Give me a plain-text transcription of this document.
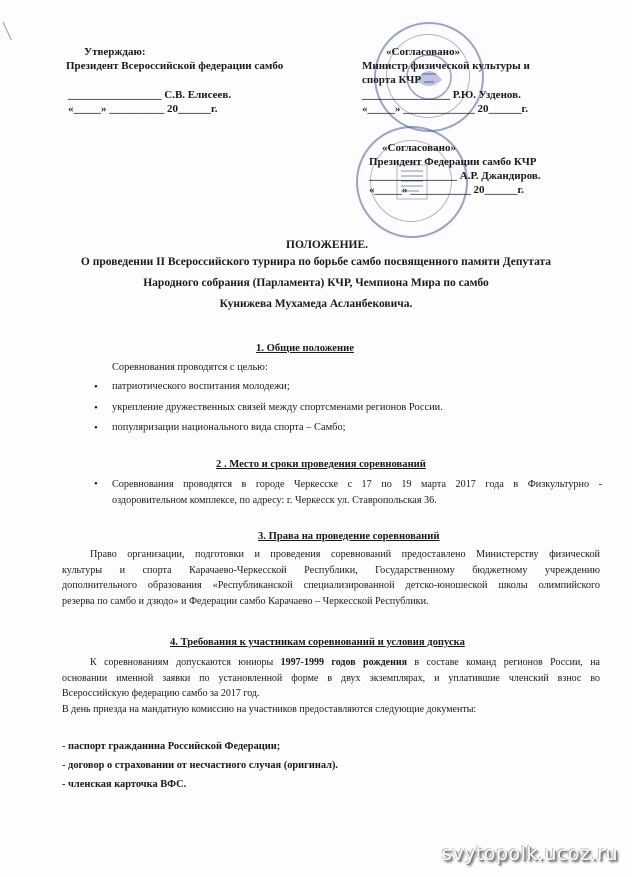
Утверждаю:
Президент Всероссийской федерации самбо
_________________ С.В. Елисеев.
«_____» __________ 20______г.
«Согласовано»
Министр физической культуры и
спорта КЧР
________________ Р.Ю. Узденов.
«_____» _____________ 20______г.
«Согласовано»
Президент Федерации самбо КЧР
________________ А.Р. Джандиров.
«_____» ___________ 20______г.
ПОЛОЖЕНИЕ.
О проведении II Всероссийского турнира по борьбе самбо посвященного памяти Депутата
Народного собрания (Парламента) КЧР, Чемпиона Мира по самбо
Кунижева Мухамеда Асланбековича.
1. Общие положение
Соревнования проводятся с целью:
• патриотического воспитания молодежи;
• укрепление дружественных связей между спортсменами регионов России.
• популяризации национального вида спорта – Самбо;
2 . Место и сроки проведения соревнований
• Соревнования проводятся в городе Черкесске с 17 по 19 марта 2017 года в Физкультурно -
оздоровительном комплексе, по адресу: г. Черкесск ул. Ставропольская 36.
3. Права на проведение соревнований
Право организации, подготовки и проведения соревнований предоставлено Министерству физической
культуры и спорта Карачаево-Черкесской Республики, Государственному бюджетному учреждению
дополнительного образования «Республиканской специализированной детско-юношеской школы олимпийского
резерва по самбо и дзюдо» и Федерации самбо Карачаево – Черкесской Республики.
4. Требования к участникам соревнований и условия допуска
К соревнованиям допускаются юниоры 1997-1999 годов рождения в составе команд регионов России, на
основании именной заявки по установленной форме в двух экземплярах, и уплатившие членский взнос во
Всероссийскую федерацию самбо за 2017 год.
В день приезда на мандатную комиссию на участников предоставляются следующие документы:
- паспорт гражданина Российской Федерации;
- договор о страховании от несчастного случая (оригинал).
- членская карточка ВФС.
svytopolk.ucoz.ru
